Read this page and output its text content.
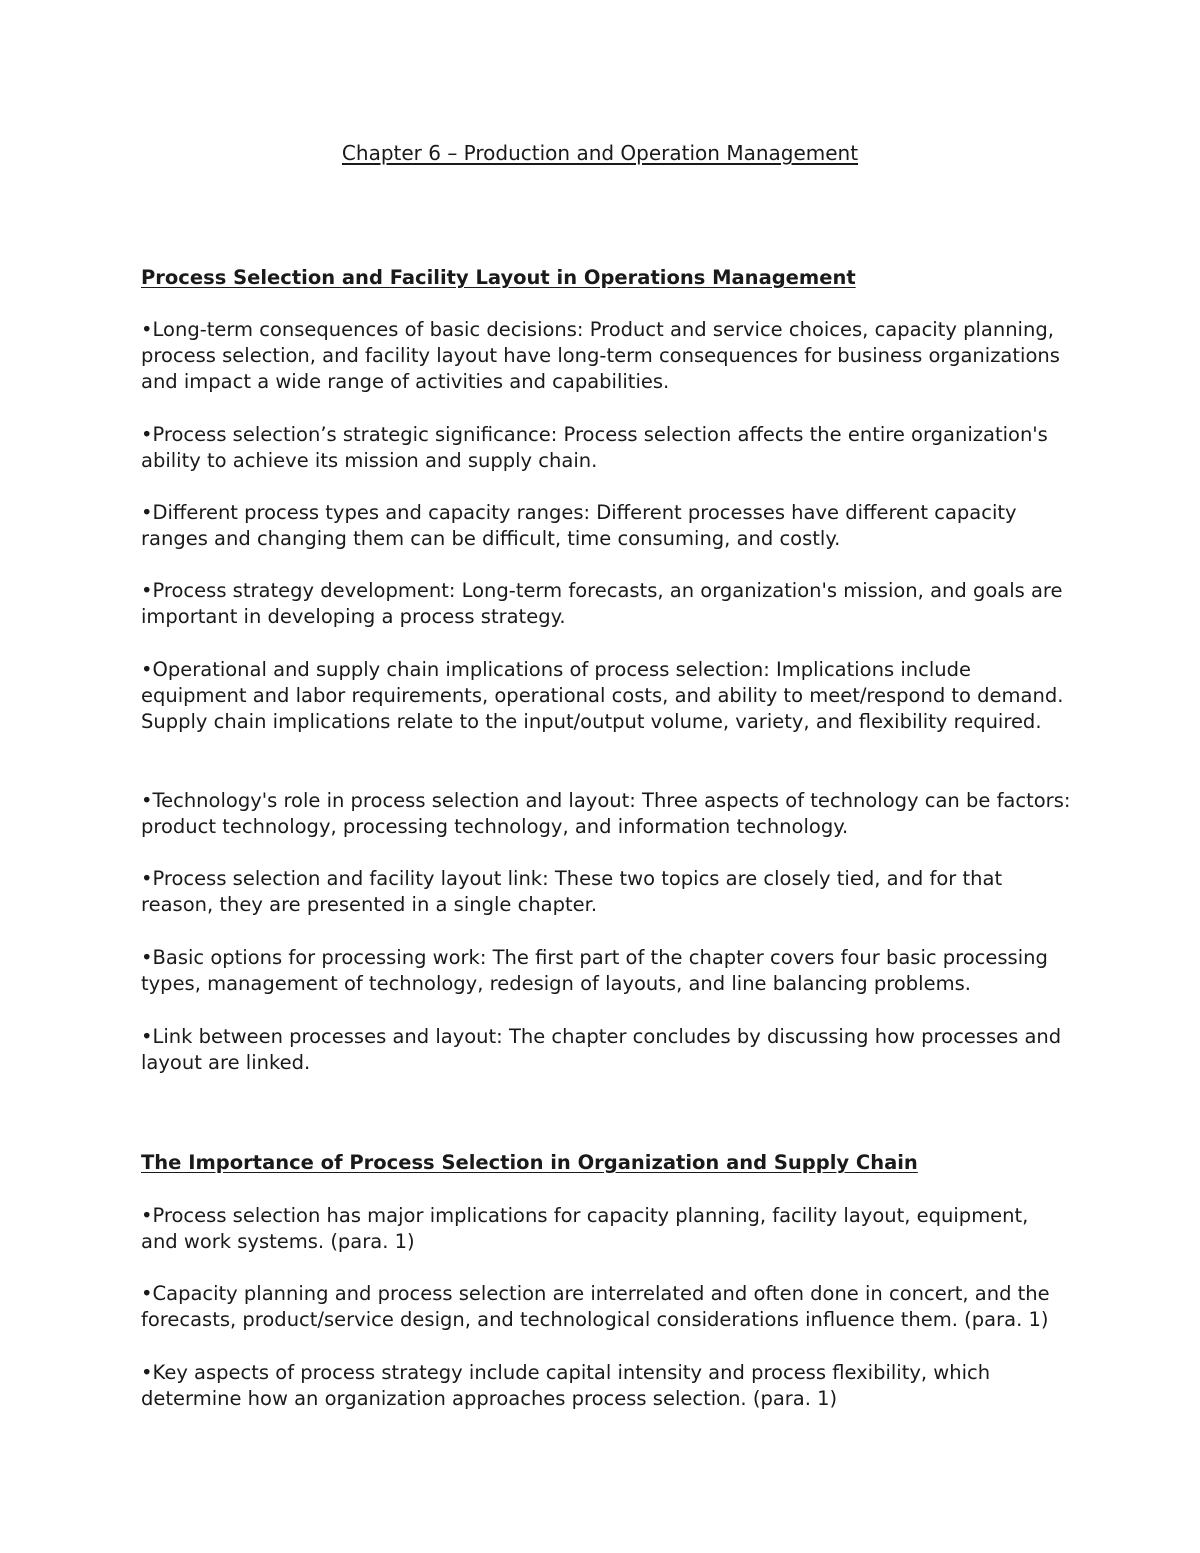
Chapter 6 – Production and Operation Management
Process Selection and Facility Layout in Operations Management
•Long-term consequences of basic decisions: Product and service choices, capacity planning, process selection, and facility layout have long-term consequences for business organizations and impact a wide range of activities and capabilities.
•Process selection’s strategic significance: Process selection affects the entire organization's ability to achieve its mission and supply chain.
•Different process types and capacity ranges: Different processes have different capacity ranges and changing them can be difficult, time consuming, and costly.
•Process strategy development: Long-term forecasts, an organization's mission, and goals are important in developing a process strategy.
•Operational and supply chain implications of process selection: Implications include equipment and labor requirements, operational costs, and ability to meet/respond to demand. Supply chain implications relate to the input/output volume, variety, and flexibility required.
•Technology's role in process selection and layout: Three aspects of technology can be factors: product technology, processing technology, and information technology.
•Process selection and facility layout link: These two topics are closely tied, and for that reason, they are presented in a single chapter.
•Basic options for processing work: The first part of the chapter covers four basic processing types, management of technology, redesign of layouts, and line balancing problems.
•Link between processes and layout: The chapter concludes by discussing how processes and layout are linked.
The Importance of Process Selection in Organization and Supply Chain
•Process selection has major implications for capacity planning, facility layout, equipment, and work systems. (para. 1)
•Capacity planning and process selection are interrelated and often done in concert, and the forecasts, product/service design, and technological considerations influence them. (para. 1)
•Key aspects of process strategy include capital intensity and process flexibility, which determine how an organization approaches process selection. (para. 1)
